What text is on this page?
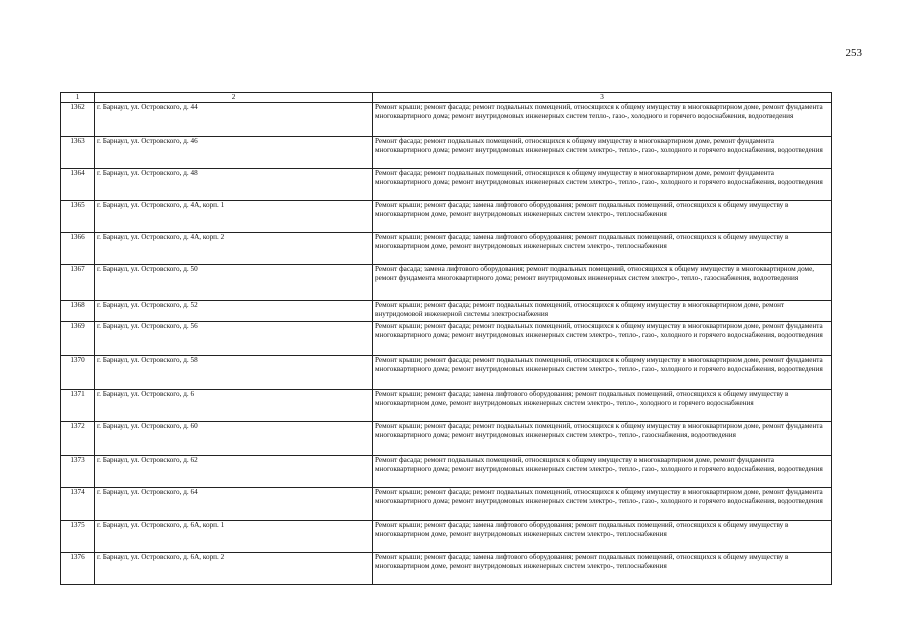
253
1	2	3
1362	г. Барнаул, ул. Островского, д. 44	Ремонт крыши; ремонт фасада; ремонт подвальных помещений, относящихся к общему имуществу в многоквартирном доме, ремонт фундамента многоквартирного дома; ремонт внутридомовых инженерных систем тепло-, газо-, холодного и горячего водоснабжения, водоотведения
1363	г. Барнаул, ул. Островского, д. 46	Ремонт фасада; ремонт подвальных помещений, относящихся к общему имуществу в многоквартирном доме, ремонт фундамента многоквартирного дома; ремонт внутридомовых инженерных систем электро-, тепло-, газо-, холодного и горячего водоснабжения, водоотведения
1364	г. Барнаул, ул. Островского, д. 48	Ремонт фасада; ремонт подвальных помещений, относящихся к общему имуществу в многоквартирном доме, ремонт фундамента многоквартирного дома; ремонт внутридомовых инженерных систем электро-, тепло-, газо-, холодного и горячего водоснабжения, водоотведения
1365	г. Барнаул, ул. Островского, д. 4А, корп. 1	Ремонт крыши; ремонт фасада; замена лифтового оборудования; ремонт подвальных помещений, относящихся к общему имуществу в многоквартирном доме, ремонт внутридомовых инженерных систем электро-, теплоснабжения
1366	г. Барнаул, ул. Островского, д. 4А, корп. 2	Ремонт крыши; ремонт фасада; замена лифтового оборудования; ремонт подвальных помещений, относящихся к общему имуществу в многоквартирном доме, ремонт внутридомовых инженерных систем электро-, теплоснабжения
1367	г. Барнаул, ул. Островского, д. 50	Ремонт фасада; замена лифтового оборудования; ремонт подвальных помещений, относящихся к общему имуществу в многоквартирном доме, ремонт фундамента многоквартирного дома; ремонт внутридомовых инженерных систем электро-, тепло-, газоснабжения, водоотведения
1368	г. Барнаул, ул. Островского, д. 52	Ремонт крыши; ремонт фасада; ремонт подвальных помещений, относящихся к общему имуществу в многоквартирном доме, ремонт внутридомовой инженерной системы электроснабжения
1369	г. Барнаул, ул. Островского, д. 56	Ремонт крыши; ремонт фасада; ремонт подвальных помещений, относящихся к общему имуществу в многоквартирном доме, ремонт фундамента многоквартирного дома; ремонт внутридомовых инженерных систем электро-, тепло-, газо-, холодного и горячего водоснабжения, водоотведения
1370	г. Барнаул, ул. Островского, д. 58	Ремонт крыши; ремонт фасада; ремонт подвальных помещений, относящихся к общему имуществу в многоквартирном доме, ремонт фундамента многоквартирного дома; ремонт внутридомовых инженерных систем электро-, тепло-, газо-, холодного и горячего водоснабжения, водоотведения
1371	г. Барнаул, ул. Островского, д. 6	Ремонт крыши; ремонт фасада; замена лифтового оборудования; ремонт подвальных помещений, относящихся к общему имуществу в многоквартирном доме, ремонт внутридомовых инженерных систем электро-, тепло-, холодного и горячего водоснабжения
1372	г. Барнаул, ул. Островского, д. 60	Ремонт крыши; ремонт фасада; ремонт подвальных помещений, относящихся к общему имуществу в многоквартирном доме, ремонт фундамента многоквартирного дома; ремонт внутридомовых инженерных систем электро-, тепло-, газоснабжения, водоотведения
1373	г. Барнаул, ул. Островского, д. 62	Ремонт фасада; ремонт подвальных помещений, относящихся к общему имуществу в многоквартирном доме, ремонт фундамента многоквартирного дома; ремонт внутридомовых инженерных систем электро-, тепло-, газо-, холодного и горячего водоснабжения, водоотведения
1374	г. Барнаул, ул. Островского, д. 64	Ремонт крыши; ремонт фасада; ремонт подвальных помещений, относящихся к общему имуществу в многоквартирном доме, ремонт фундамента многоквартирного дома; ремонт внутридомовых инженерных систем электро-, тепло-, газо-, холодного и горячего водоснабжения, водоотведения
1375	г. Барнаул, ул. Островского, д. 6А, корп. 1	Ремонт крыши; ремонт фасада; замена лифтового оборудования; ремонт подвальных помещений, относящихся к общему имуществу в многоквартирном доме, ремонт внутридомовых инженерных систем электро-, теплоснабжения
1376	г. Барнаул, ул. Островского, д. 6А, корп. 2	Ремонт крыши; ремонт фасада; замена лифтового оборудования; ремонт подвальных помещений, относящихся к общему имуществу в многоквартирном доме, ремонт внутридомовых инженерных систем электро-, теплоснабжения
